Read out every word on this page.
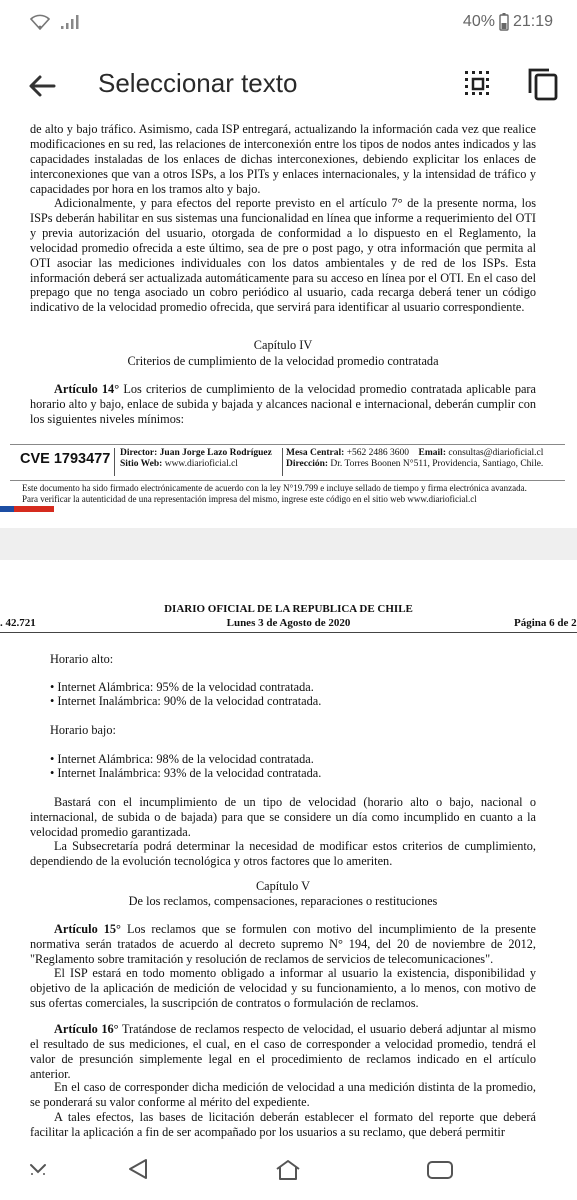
40% 21:19
Seleccionar texto
de alto y bajo tráfico. Asimismo, cada ISP entregará, actualizando la información cada vez que realice modificaciones en su red, las relaciones de interconexión entre los tipos de nodos antes indicados y las capacidades instaladas de los enlaces de dichas interconexiones, debiendo explicitar los enlaces de interconexiones que van a otros ISPs, a los PITs y enlaces internacionales, y la intensidad de tráfico y capacidades por hora en los tramos alto y bajo.
Adicionalmente, y para efectos del reporte previsto en el artículo 7° de la presente norma, los ISPs deberán habilitar en sus sistemas una funcionalidad en línea que informe a requerimiento del OTI y previa autorización del usuario, otorgada de conformidad a lo dispuesto en el Reglamento, la velocidad promedio ofrecida a este último, sea de pre o post pago, y otra información que permita al OTI asociar las mediciones individuales con los datos ambientales y de red de los ISPs. Esta información deberá ser actualizada automáticamente para su acceso en línea por el OTI. En el caso del prepago que no tenga asociado un cobro periódico al usuario, cada recarga deberá tener un código indicativo de la velocidad promedio ofrecida, que servirá para identificar al usuario correspondiente.
Capítulo IV
Criterios de cumplimiento de la velocidad promedio contratada
Artículo 14° Los criterios de cumplimiento de la velocidad promedio contratada aplicable para horario alto y bajo, enlace de subida y bajada y alcances nacional e internacional, deberán cumplir con los siguientes niveles mínimos:
CVE 1793477 Director: Juan Jorge Lazo Rodríguez
Sitio Web: www.diarioficial.cl
Mesa Central: +562 2486 3600 Email: consultas@diarioficial.cl
Dirección: Dr. Torres Boonen N°511, Providencia, Santiago, Chile.
Este documento ha sido firmado electrónicamente de acuerdo con la ley N°19.799 e incluye sellado de tiempo y firma electrónica avanzada. Para verificar la autenticidad de una representación impresa del mismo, ingrese este código en el sitio web www.diarioficial.cl
DIARIO OFICIAL DE LA REPUBLICA DE CHILE
. 42.721	Lunes 3 de Agosto de 2020	Página 6 de 2
Horario alto:
• Internet Alámbrica: 95% de la velocidad contratada.
• Internet Inalámbrica: 90% de la velocidad contratada.
Horario bajo:
• Internet Alámbrica: 98% de la velocidad contratada.
• Internet Inalámbrica: 93% de la velocidad contratada.
Bastará con el incumplimiento de un tipo de velocidad (horario alto o bajo, nacional o internacional, de subida o de bajada) para que se considere un día como incumplido en cuanto a la velocidad promedio garantizada.
La Subsecretaría podrá determinar la necesidad de modificar estos criterios de cumplimiento, dependiendo de la evolución tecnológica y otros factores que lo ameriten.
Capítulo V
De los reclamos, compensaciones, reparaciones o restituciones
Artículo 15° Los reclamos que se formulen con motivo del incumplimiento de la presente normativa serán tratados de acuerdo al decreto supremo N° 194, del 20 de noviembre de 2012, "Reglamento sobre tramitación y resolución de reclamos de servicios de telecomunicaciones".
El ISP estará en todo momento obligado a informar al usuario la existencia, disponibilidad y objetivo de la aplicación de medición de velocidad y su funcionamiento, a lo menos, con motivo de sus ofertas comerciales, la suscripción de contratos o formulación de reclamos.
Artículo 16° Tratándose de reclamos respecto de velocidad, el usuario deberá adjuntar al mismo el resultado de sus mediciones, el cual, en el caso de corresponder a velocidad promedio, tendrá el valor de presunción simplemente legal en el procedimiento de reclamos indicado en el artículo anterior.
En el caso de corresponder dicha medición de velocidad a una medición distinta de la promedio, se ponderará su valor conforme al mérito del expediente.
A tales efectos, las bases de licitación deberán establecer el formato del reporte que deberá facilitar la aplicación a fin de ser acompañado por los usuarios a su reclamo, que deberá permitir
